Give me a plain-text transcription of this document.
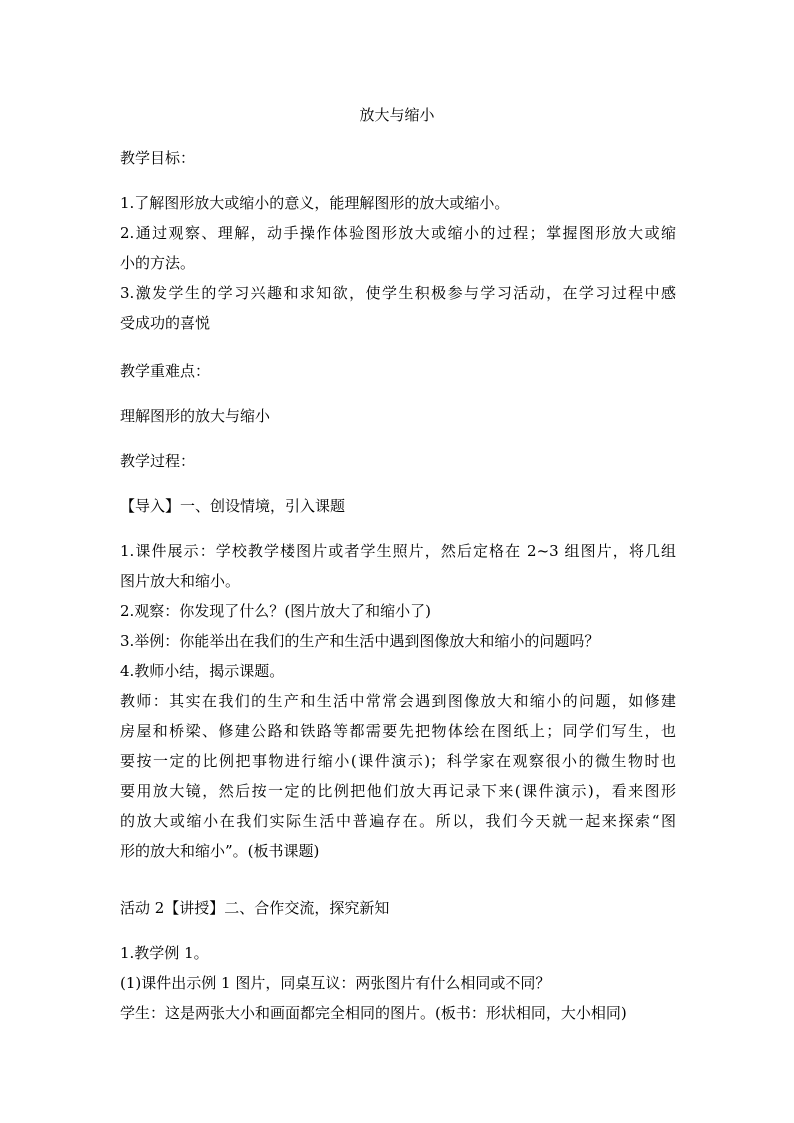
放大与缩小
教学目标：
1.了解图形放大或缩小的意义，能理解图形的放大或缩小。
2.通过观察、理解，动手操作体验图形放大或缩小的过程；掌握图形放大或缩
小的方法。
3.激发学生的学习兴趣和求知欲，使学生积极参与学习活动，在学习过程中感
受成功的喜悦
教学重难点：
理解图形的放大与缩小
教学过程：
【导入】一、创设情境，引入课题
1.课件展示：学校教学楼图片或者学生照片，然后定格在 2~3 组图片，将几组
图片放大和缩小。
2.观察：你发现了什么？(图片放大了和缩小了)
3.举例：你能举出在我们的生产和生活中遇到图像放大和缩小的问题吗？
4.教师小结，揭示课题。
教师：其实在我们的生产和生活中常常会遇到图像放大和缩小的问题，如修建
房屋和桥梁、修建公路和铁路等都需要先把物体绘在图纸上；同学们写生，也
要按一定的比例把事物进行缩小(课件演示)；科学家在观察很小的微生物时也
要用放大镜，然后按一定的比例把他们放大再记录下来(课件演示)，看来图形
的放大或缩小在我们实际生活中普遍存在。所以，我们今天就一起来探索“图
形的放大和缩小”。(板书课题)
活动 2【讲授】二、合作交流，探究新知
1.教学例 1。
(1)课件出示例 1 图片，同桌互议：两张图片有什么相同或不同？
学生：这是两张大小和画面都完全相同的图片。(板书：形状相同，大小相同)
